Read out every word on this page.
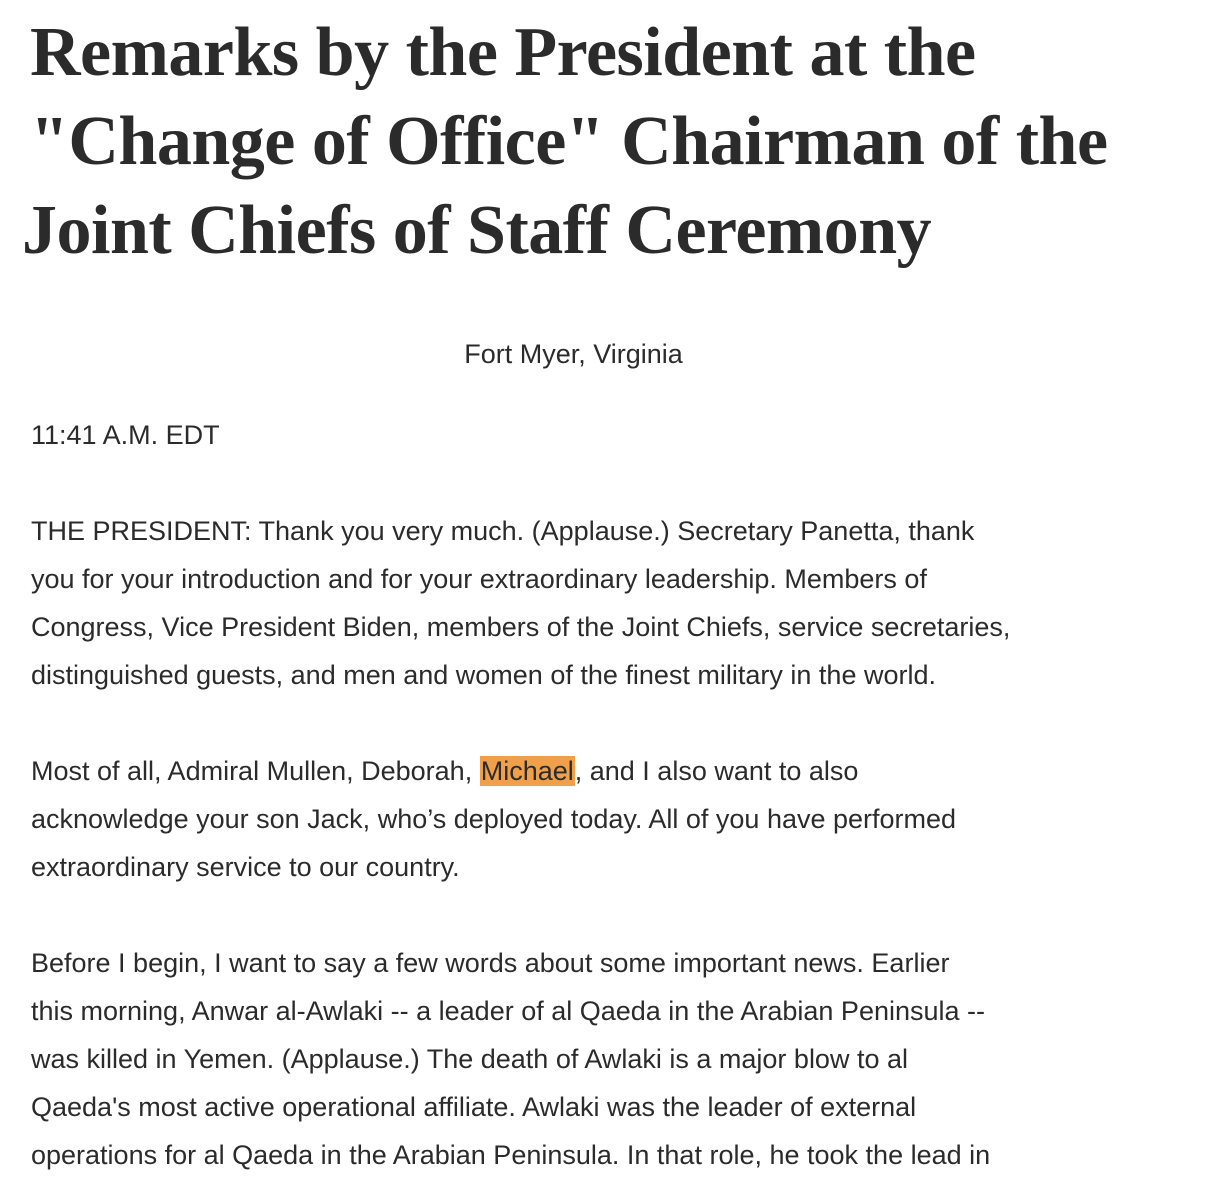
Remarks by the President at the
"Change of Office" Chairman of the
Joint Chiefs of Staff Ceremony

Fort Myer, Virginia

11:41 A.M. EDT

THE PRESIDENT: Thank you very much. (Applause.) Secretary Panetta, thank
you for your introduction and for your extraordinary leadership. Members of
Congress, Vice President Biden, members of the Joint Chiefs, service secretaries,
distinguished guests, and men and women of the finest military in the world.

Most of all, Admiral Mullen, Deborah, Michael, and I also want to also
acknowledge your son Jack, who’s deployed today. All of you have performed
extraordinary service to our country.

Before I begin, I want to say a few words about some important news. Earlier
this morning, Anwar al-Awlaki -- a leader of al Qaeda in the Arabian Peninsula --
was killed in Yemen. (Applause.) The death of Awlaki is a major blow to al
Qaeda's most active operational affiliate. Awlaki was the leader of external
operations for al Qaeda in the Arabian Peninsula. In that role, he took the lead in
